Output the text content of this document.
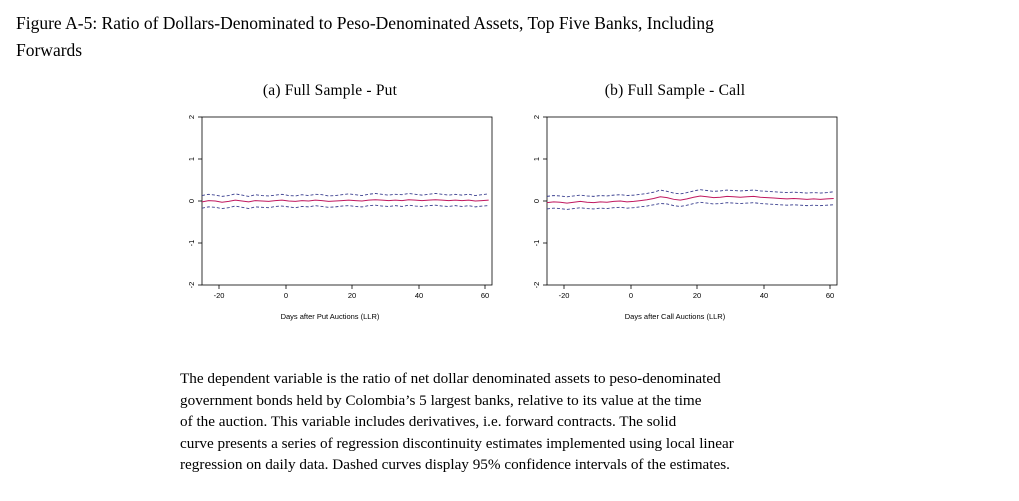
Figure A-5: Ratio of Dollars-Denominated to Peso-Denominated Assets, Top Five Banks, Including
Forwards
(a) Full Sample - Put
2
1
0
-1
-2
-20	0	20	40	60
Days after Put Auctions (LLR)
(b) Full Sample - Call
2
1
0
-1
-2
-20	0	20	40	60
Days after Call Auctions (LLR)
The dependent variable is the ratio of net dollar denominated assets to peso-denominated
government bonds held by Colombia’s 5 largest banks, relative to its value at the time
of the auction. This variable includes derivatives, i.e. forward contracts. The solid
curve presents a series of regression discontinuity estimates implemented using local linear
regression on daily data. Dashed curves display 95% confidence intervals of the estimates.
